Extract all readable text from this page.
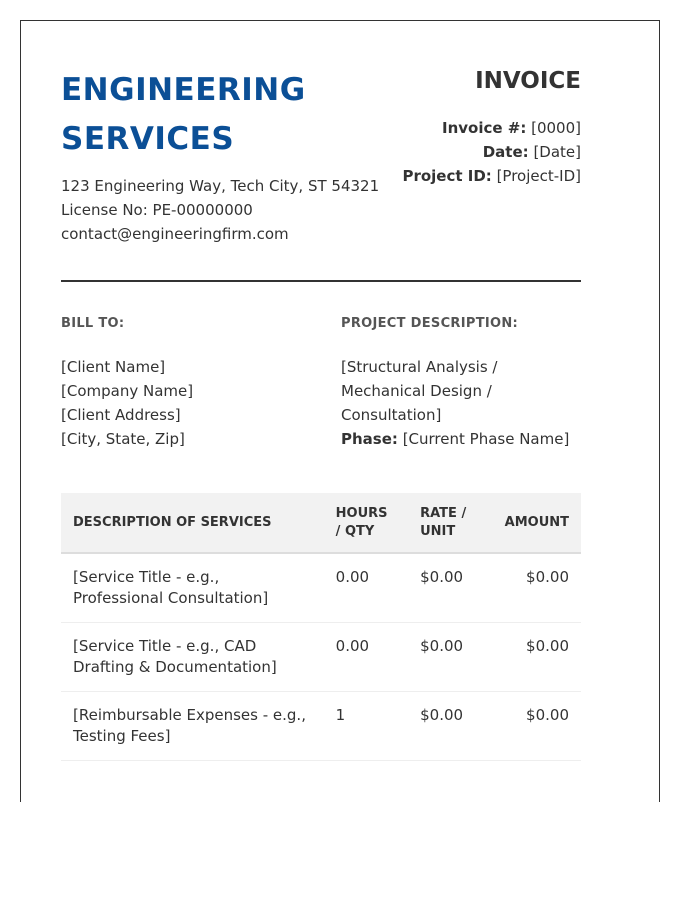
ENGINEERING SERVICES
123 Engineering Way, Tech City, ST 54321
License No: PE-00000000
contact@engineeringfirm.com
INVOICE
Invoice #: [0000]
Date: [Date]
Project ID: [Project-ID]
BILL TO:
[Client Name]
[Company Name]
[Client Address]
[City, State, Zip]
PROJECT DESCRIPTION:
[Structural Analysis / Mechanical Design / Consultation]
Phase: [Current Phase Name]
DESCRIPTION OF SERVICES	HOURS / QTY	RATE / UNIT	AMOUNT
[Service Title - e.g., Professional Consultation]	0.00	$0.00	$0.00
[Service Title - e.g., CAD Drafting & Documentation]	0.00	$0.00	$0.00
[Reimbursable Expenses - e.g., Testing Fees]	1	$0.00	$0.00
